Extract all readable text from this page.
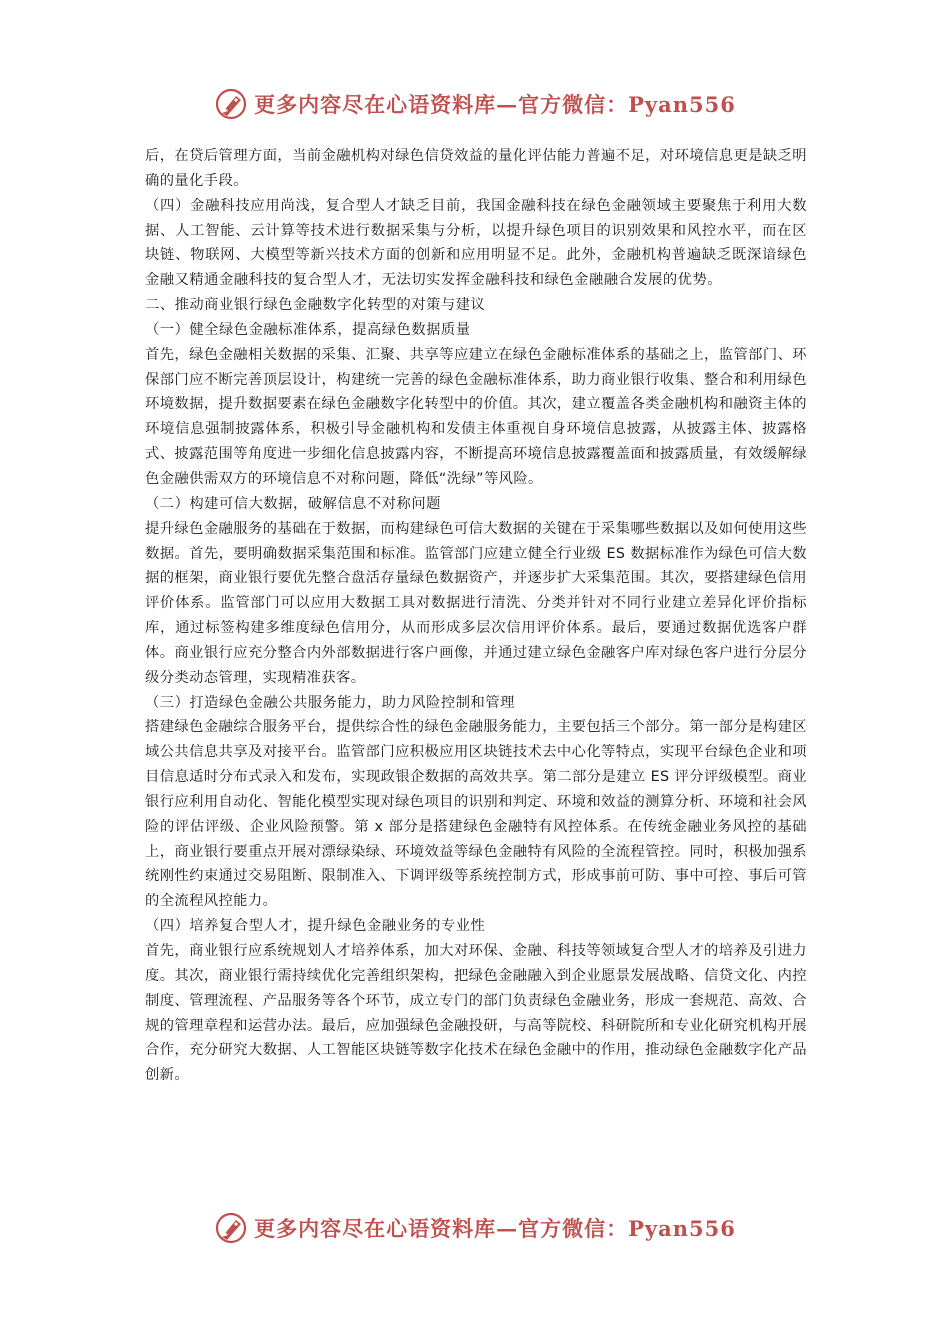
更多内容尽在心语资料库—官方微信：Pyan556

后，在贷后管理方面，当前金融机构对绿色信贷效益的量化评估能力普遍不足，对环境信息更是缺乏明确的量化手段。

（四）金融科技应用尚浅，复合型人才缺乏目前，我国金融科技在绿色金融领域主要聚焦于利用大数据、人工智能、云计算等技术进行数据采集与分析，以提升绿色项目的识别效果和风控水平，而在区块链、物联网、大模型等新兴技术方面的创新和应用明显不足。此外，金融机构普遍缺乏既深谙绿色金融又精通金融科技的复合型人才，无法切实发挥金融科技和绿色金融融合发展的优势。

二、推动商业银行绿色金融数字化转型的对策与建议

（一）健全绿色金融标准体系，提高绿色数据质量

首先，绿色金融相关数据的采集、汇聚、共享等应建立在绿色金融标准体系的基础之上，监管部门、环保部门应不断完善顶层设计，构建统一完善的绿色金融标准体系，助力商业银行收集、整合和利用绿色环境数据，提升数据要素在绿色金融数字化转型中的价值。其次，建立覆盖各类金融机构和融资主体的环境信息强制披露体系，积极引导金融机构和发债主体重视自身环境信息披露，从披露主体、披露格式、披露范围等角度进一步细化信息披露内容，不断提高环境信息披露覆盖面和披露质量，有效缓解绿色金融供需双方的环境信息不对称问题，降低“洗绿”等风险。

（二）构建可信大数据，破解信息不对称问题

提升绿色金融服务的基础在于数据，而构建绿色可信大数据的关键在于采集哪些数据以及如何使用这些数据。首先，要明确数据采集范围和标准。监管部门应建立健全行业级 ES 数据标准作为绿色可信大数据的框架，商业银行要优先整合盘活存量绿色数据资产，并逐步扩大采集范围。其次，要搭建绿色信用评价体系。监管部门可以应用大数据工具对数据进行清洗、分类并针对不同行业建立差异化评价指标库，通过标签构建多维度绿色信用分，从而形成多层次信用评价体系。最后，要通过数据优选客户群体。商业银行应充分整合内外部数据进行客户画像，并通过建立绿色金融客户库对绿色客户进行分层分级分类动态管理，实现精准获客。

（三）打造绿色金融公共服务能力，助力风险控制和管理

搭建绿色金融综合服务平台，提供综合性的绿色金融服务能力，主要包括三个部分。第一部分是构建区域公共信息共享及对接平台。监管部门应积极应用区块链技术去中心化等特点，实现平台绿色企业和项目信息适时分布式录入和发布，实现政银企数据的高效共享。第二部分是建立 ES 评分评级模型。商业银行应利用自动化、智能化模型实现对绿色项目的识别和判定、环境和效益的测算分析、环境和社会风险的评估评级、企业风险预警。第 x 部分是搭建绿色金融特有风控体系。在传统金融业务风控的基础上，商业银行要重点开展对漂绿染绿、环境效益等绿色金融特有风险的全流程管控。同时，积极加强系统刚性约束通过交易阻断、限制准入、下调评级等系统控制方式，形成事前可防、事中可控、事后可管的全流程风控能力。

（四）培养复合型人才，提升绿色金融业务的专业性

首先，商业银行应系统规划人才培养体系，加大对环保、金融、科技等领域复合型人才的培养及引进力度。其次，商业银行需持续优化完善组织架构，把绿色金融融入到企业愿景发展战略、信贷文化、内控制度、管理流程、产品服务等各个环节，成立专门的部门负责绿色金融业务，形成一套规范、高效、合规的管理章程和运营办法。最后，应加强绿色金融投研，与高等院校、科研院所和专业化研究机构开展合作，充分研究大数据、人工智能区块链等数字化技术在绿色金融中的作用，推动绿色金融数字化产品创新。

更多内容尽在心语资料库—官方微信：Pyan556
